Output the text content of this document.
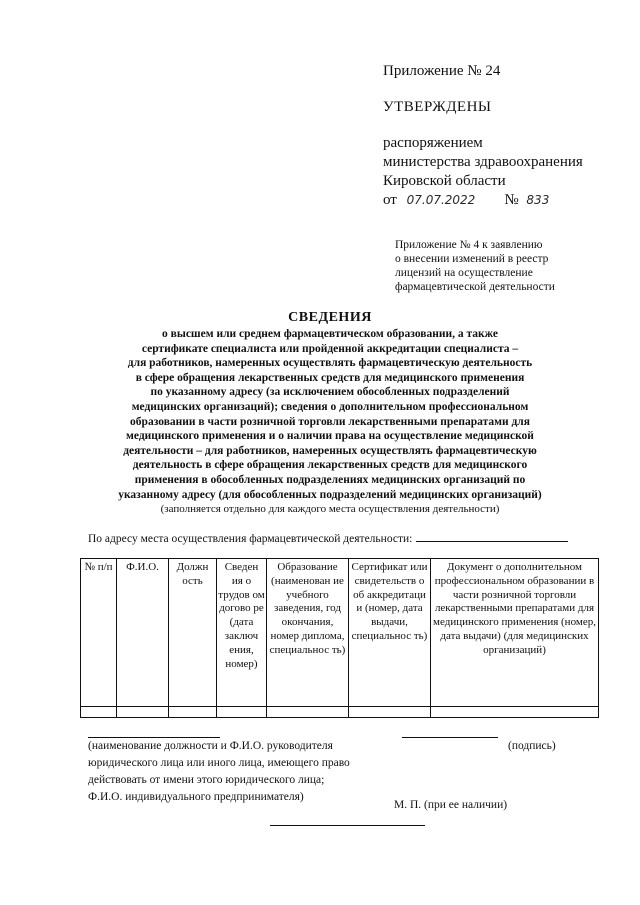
Приложение № 24

УТВЕРЖДЕНЫ

распоряжением

министерства здравоохранения

Кировской области

от 07.07.2022 № 833

Приложение № 4 к заявлению

о внесении изменений в реестр

лицензий на осуществление

фармацевтической деятельности

СВЕДЕНИЯ

о высшем или среднем фармацевтическом образовании, а также

сертификате специалиста или пройденной аккредитации специалиста –

для работников, намеренных осуществлять фармацевтическую деятельность

в сфере обращения лекарственных средств для медицинского применения

по указанному адресу (за исключением обособленных подразделений

медицинских организаций); сведения о дополнительном профессиональном

образовании в части розничной торговли лекарственными препаратами для

медицинского применения и о наличии права на осуществление медицинской

деятельности – для работников, намеренных осуществлять фармацевтическую

деятельность в сфере обращения лекарственных средств для медицинского

применения в обособленных подразделениях медицинских организаций по

указанному адресу (для обособленных подразделений медицинских организаций)

(заполняется отдельно для каждого места осуществления деятельности)

По адресу места осуществления фармацевтической деятельности:
№ п/п	Ф.И.О.	Должн ость	Сведен ия о трудов ом догово ре (дата заключ ения, номер)	Образование (наименован ие учебного заведения, год окончания, номер диплома, специальнос ть)	Сертификат или свидетельств о об аккредитаци и (номер, дата выдачи, специальнос ть)	Документ о дополнительном профессиональном образовании в части розничной торговли лекарственными препаратами для медицинского применения (номер, дата выдачи) (для медицинских организаций)

(наименование должности и Ф.И.О. руководителя
юридического лица или иного лица, имеющего право
действовать от имени этого юридического лица;
Ф.И.О. индивидуального предпринимателя)
(подпись)
М. П. (при ее наличии)
